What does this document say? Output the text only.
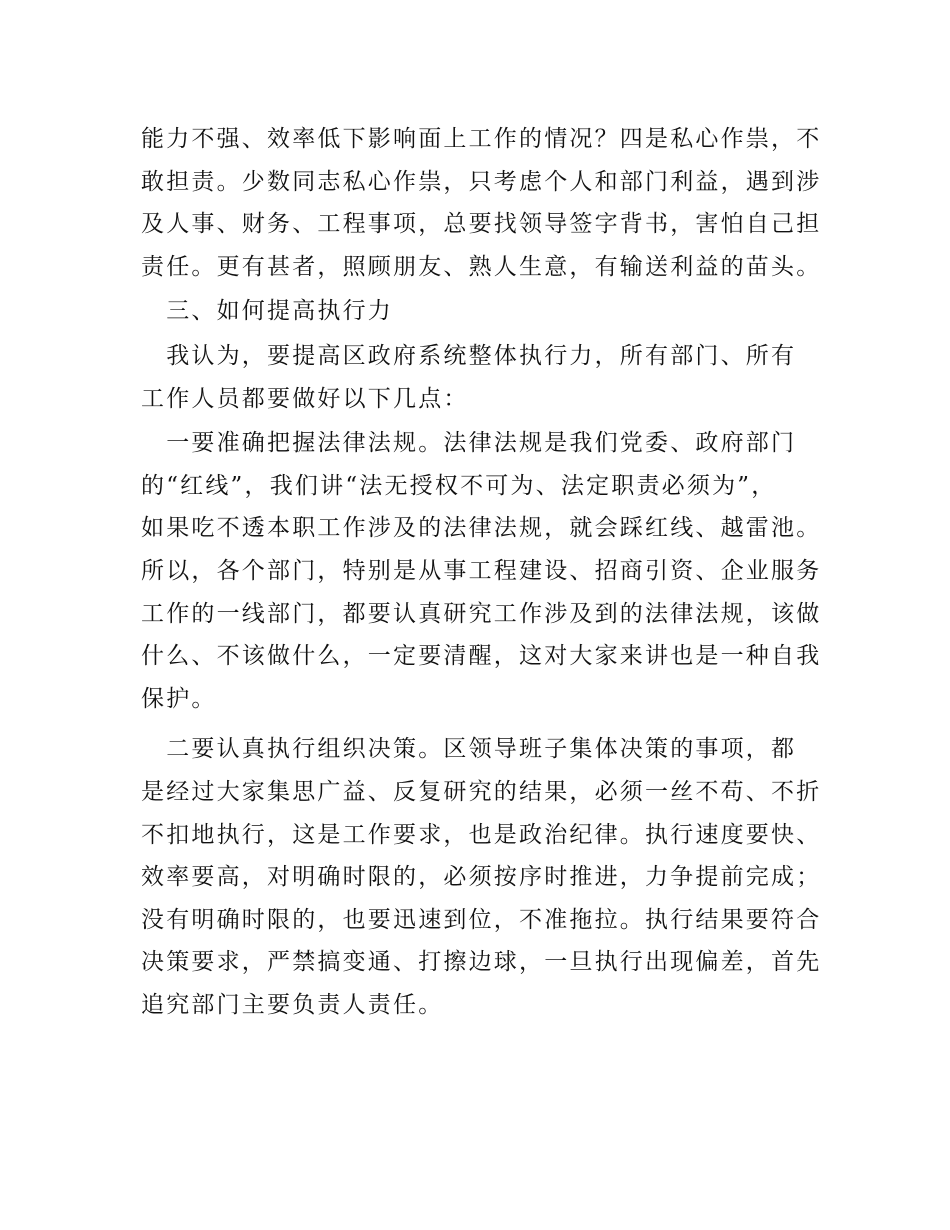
能力不强、效率低下影响面上工作的情况？四是私心作祟，不
敢担责。少数同志私心作祟，只考虑个人和部门利益，遇到涉
及人事、财务、工程事项，总要找领导签字背书，害怕自己担
责任。更有甚者，照顾朋友、熟人生意，有输送利益的苗头。
　三、如何提高执行力
　我认为，要提高区政府系统整体执行力，所有部门、所有
工作人员都要做好以下几点：
　一要准确把握法律法规。法律法规是我们党委、政府部门
的“红线”，我们讲“法无授权不可为、法定职责必须为”，
如果吃不透本职工作涉及的法律法规，就会踩红线、越雷池。
所以，各个部门，特别是从事工程建设、招商引资、企业服务
工作的一线部门，都要认真研究工作涉及到的法律法规，该做
什么、不该做什么，一定要清醒，这对大家来讲也是一种自我
保护。
　二要认真执行组织决策。区领导班子集体决策的事项，都
是经过大家集思广益、反复研究的结果，必须一丝不苟、不折
不扣地执行，这是工作要求，也是政治纪律。执行速度要快、
效率要高，对明确时限的，必须按序时推进，力争提前完成；
没有明确时限的，也要迅速到位，不准拖拉。执行结果要符合
决策要求，严禁搞变通、打擦边球，一旦执行出现偏差，首先
追究部门主要负责人责任。
